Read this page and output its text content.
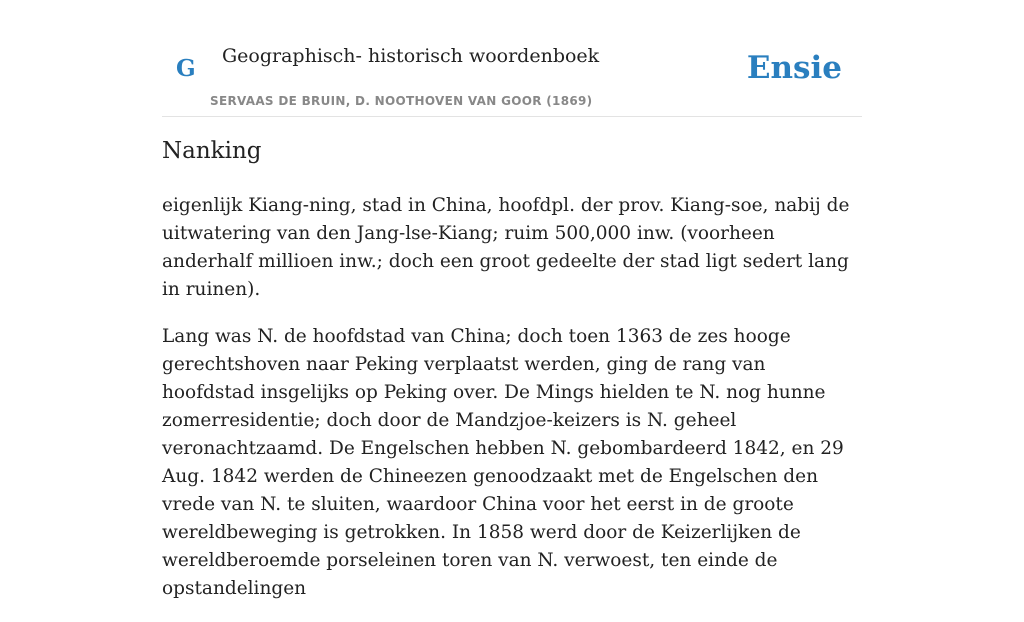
G Geographisch- historisch woordenboek
SERVAAS DE BRUIN, D. NOOTHOVEN VAN GOOR (1869)
Ensie
Nanking

eigenlijk Kiang-ning, stad in China, hoofdpl. der prov. Kiang-soe, nabij de uitwatering van den Jang-lse-Kiang; ruim 500,000 inw. (voorheen anderhalf millioen inw.; doch een groot gedeelte der stad ligt sedert lang in ruinen).

Lang was N. de hoofdstad van China; doch toen 1363 de zes hooge gerechtshoven naar Peking verplaatst werden, ging de rang van hoofdstad insgelijks op Peking over. De Mings hielden te N. nog hunne zomerresidentie; doch door de Mandzjoe-keizers is N. geheel veronachtzaamd. De Engelschen hebben N. gebombardeerd 1842, en 29 Aug. 1842 werden de Chineezen genoodzaakt met de Engelschen den vrede van N. te sluiten, waardoor China voor het eerst in de groote wereldbeweging is getrokken. In 1858 werd door de Keizerlijken de wereldberoemde porseleinen toren van N. verwoest, ten einde de opstandelingen
